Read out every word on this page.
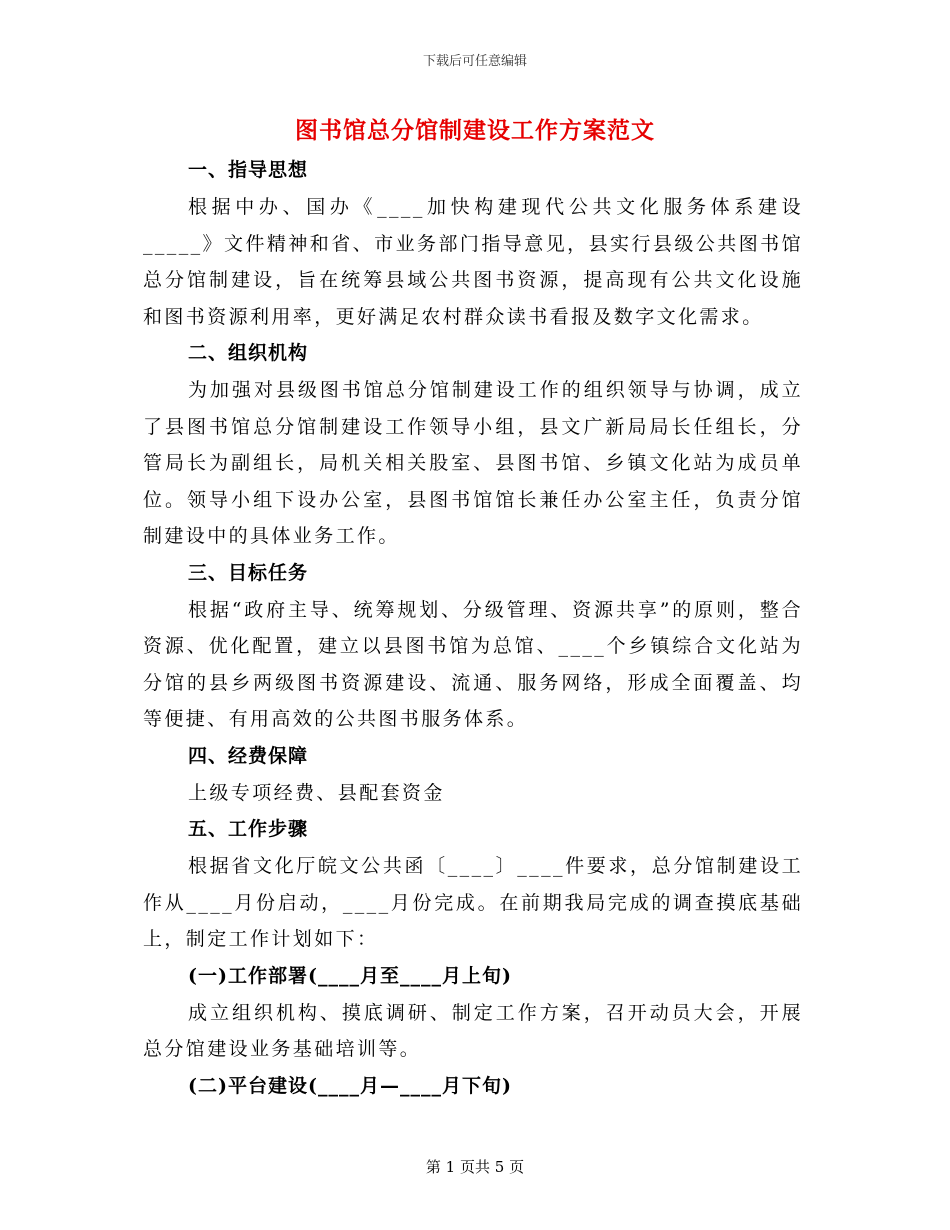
下载后可任意编辑
图书馆总分馆制建设工作方案范文
一、指导思想

根据中办、国办《____加快构建现代公共文化服务体系建设_____》文件精神和省、市业务部门指导意见，县实行县级公共图书馆总分馆制建设，旨在统筹县域公共图书资源，提高现有公共文化设施和图书资源利用率，更好满足农村群众读书看报及数字文化需求。

二、组织机构

为加强对县级图书馆总分馆制建设工作的组织领导与协调，成立了县图书馆总分馆制建设工作领导小组，县文广新局局长任组长，分管局长为副组长，局机关相关股室、县图书馆、乡镇文化站为成员单位。领导小组下设办公室，县图书馆馆长兼任办公室主任，负责分馆制建设中的具体业务工作。

三、目标任务

根据“政府主导、统筹规划、分级管理、资源共享”的原则，整合资源、优化配置，建立以县图书馆为总馆、____个乡镇综合文化站为分馆的县乡两级图书资源建设、流通、服务网络，形成全面覆盖、均等便捷、有用高效的公共图书服务体系。

四、经费保障

上级专项经费、县配套资金

五、工作步骤

根据省文化厅皖文公共函〔____〕____件要求，总分馆制建设工作从____月份启动，____月份完成。在前期我局完成的调查摸底基础上，制定工作计划如下：

(一)工作部署(____月至____月上旬)

成立组织机构、摸底调研、制定工作方案，召开动员大会，开展总分馆建设业务基础培训等。

(二)平台建设(____月—____月下旬)
第 1 页共 5 页
